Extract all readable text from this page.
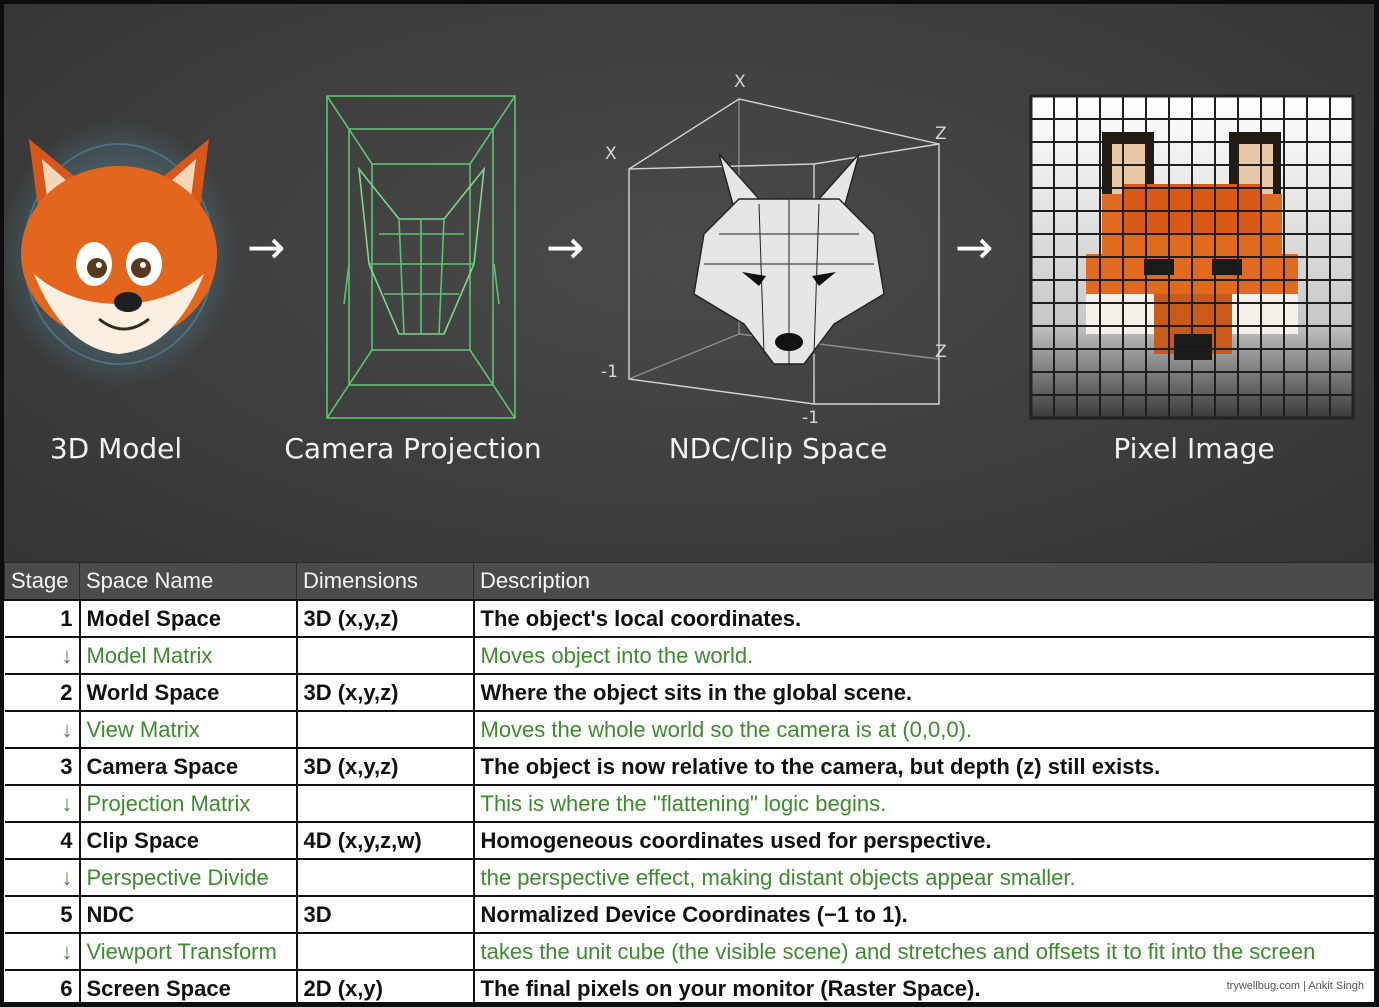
→	→	→
X
X
Z
Z
-1
-1
3D Model	Camera Projection	NDC/Clip Space	Pixel Image
Stage	Space Name	Dimensions	Description
1	Model Space	3D (x,y,z)	The object's local coordinates.
↓	Model Matrix		Moves object into the world.
2	World Space	3D (x,y,z)	Where the object sits in the global scene.
↓	View Matrix		Moves the whole world so the camera is at (0,0,0).
3	Camera Space	3D (x,y,z)	The object is now relative to the camera, but depth (z) still exists.
↓	Projection Matrix		This is where the "flattening" logic begins.
4	Clip Space	4D (x,y,z,w)	Homogeneous coordinates used for perspective.
↓	Perspective Divide		the perspective effect, making distant objects appear smaller.
5	NDC	3D	Normalized Device Coordinates (−1 to 1).
↓	Viewport Transform		takes the unit cube (the visible scene) and stretches and offsets it to fit into the screen
6	Screen Space	2D (x,y)	The final pixels on your monitor (Raster Space).	trywellbug.com | Ankit Singh
